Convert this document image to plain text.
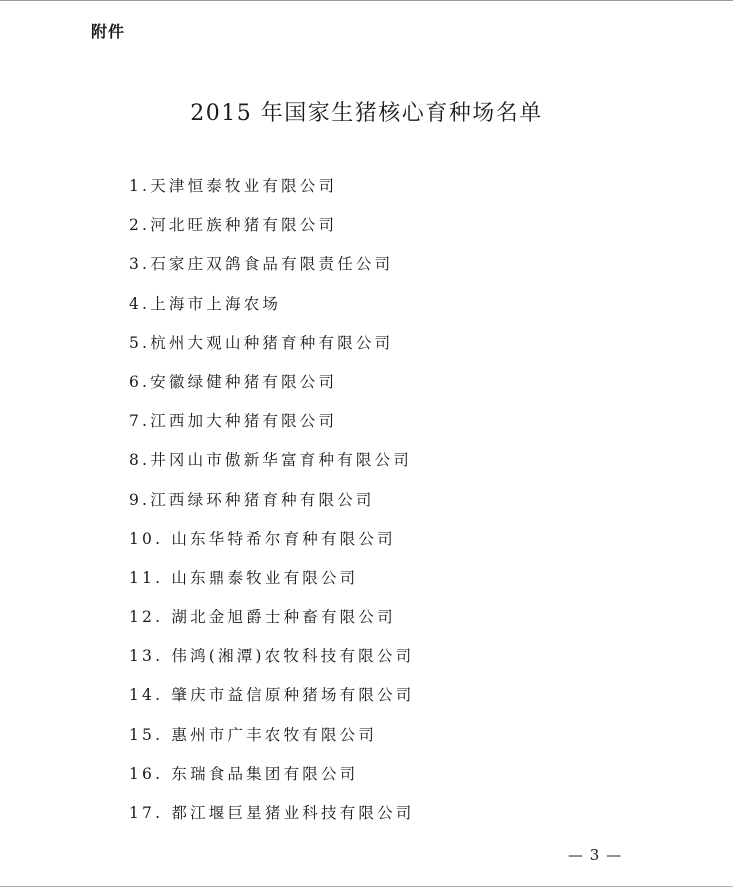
附件
2015 年国家生猪核心育种场名单
1.天津恒泰牧业有限公司
2.河北旺族种猪有限公司
3.石家庄双鸽食品有限责任公司
4.上海市上海农场
5.杭州大观山种猪育种有限公司
6.安徽绿健种猪有限公司
7.江西加大种猪有限公司
8.井冈山市傲新华富育种有限公司
9.江西绿环种猪育种有限公司
10. 山东华特希尔育种有限公司
11. 山东鼎泰牧业有限公司
12. 湖北金旭爵士种畜有限公司
13. 伟鸿(湘潭)农牧科技有限公司
14. 肇庆市益信原种猪场有限公司
15. 惠州市广丰农牧有限公司
16. 东瑞食品集团有限公司
17. 都江堰巨星猪业科技有限公司
— 3 —
